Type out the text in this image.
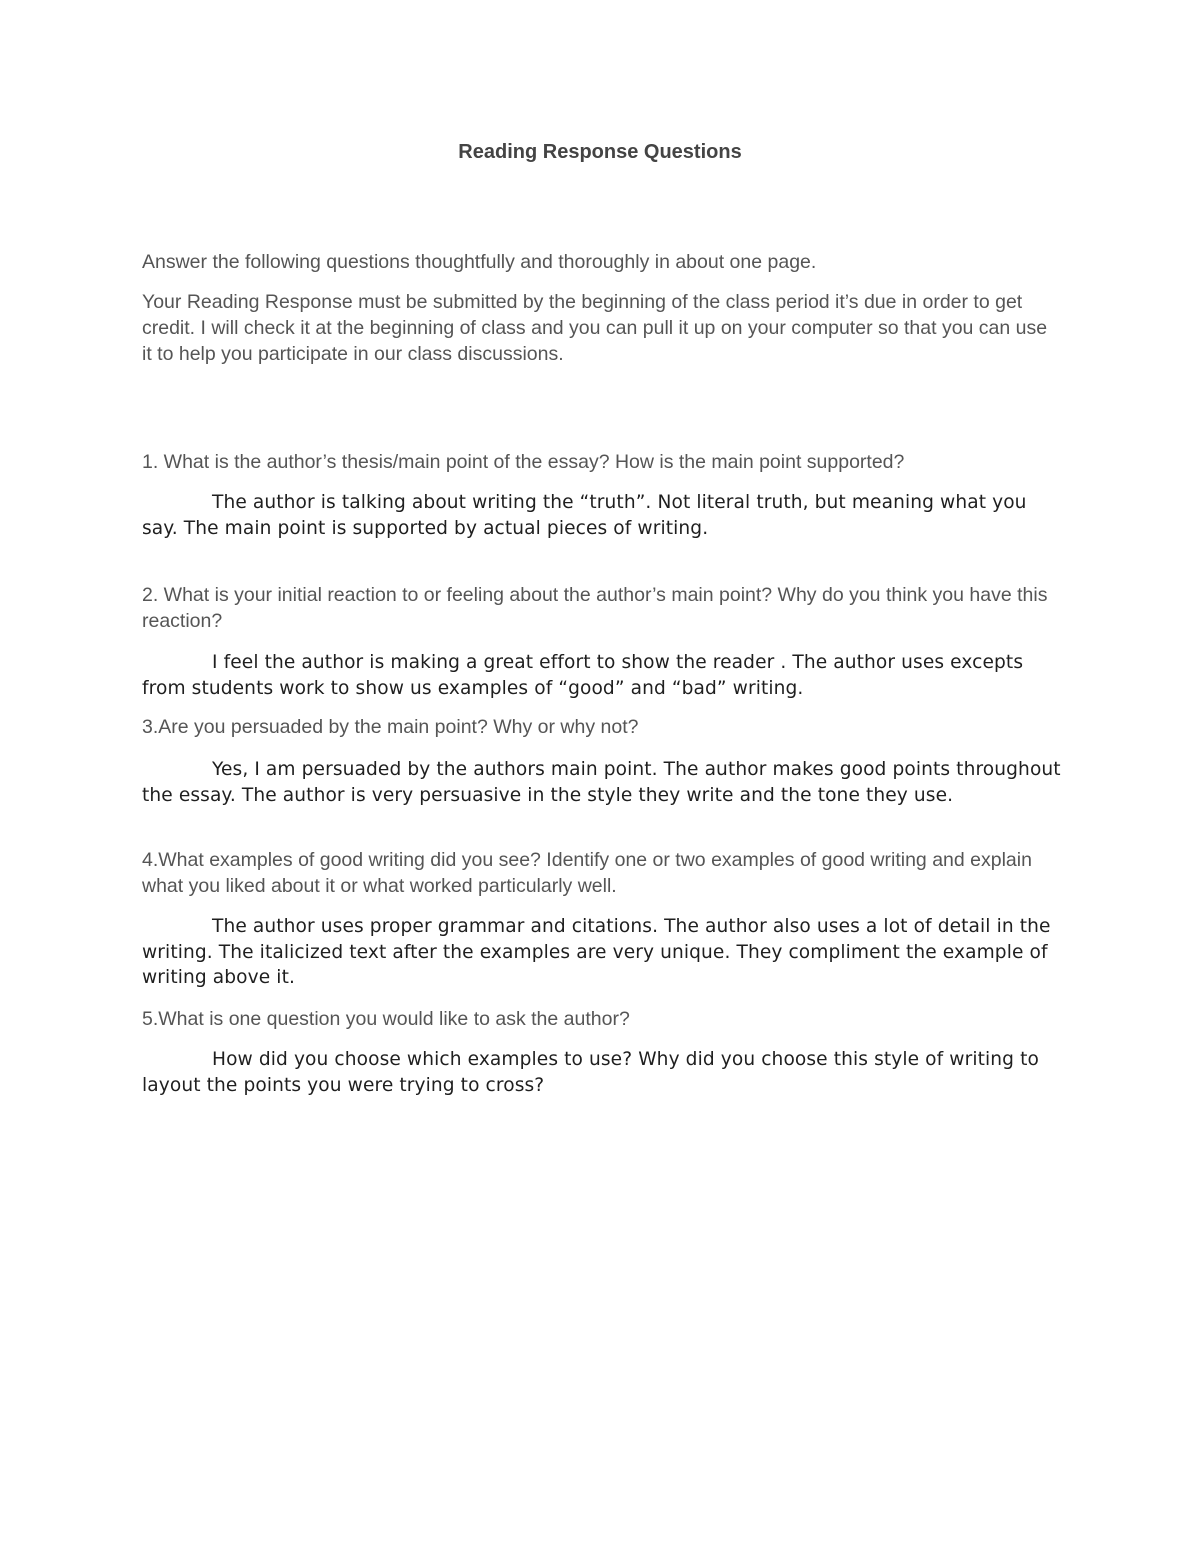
Reading Response Questions

Answer the following questions thoughtfully and thoroughly in about one page.

Your Reading Response must be submitted by the beginning of the class period it’s due in order to get credit. I will check it at the beginning of class and you can pull it up on your computer so that you can use it to help you participate in our class discussions.

1. What is the author’s thesis/main point of the essay? How is the main point supported?

The author is talking about writing the “truth”. Not literal truth, but meaning what you say. The main point is supported by actual pieces of writing.

2. What is your initial reaction to or feeling about the author’s main point? Why do you think you have this reaction?

I feel the author is making a great effort to show the reader . The author uses excepts from students work to show us examples of “good” and “bad” writing.

3.Are you persuaded by the main point? Why or why not?

Yes, I am persuaded by the authors main point. The author makes good points throughout the essay. The author is very persuasive in the style they write and the tone they use.

4.What examples of good writing did you see? Identify one or two examples of good writing and explain what you liked about it or what worked particularly well.

The author uses proper grammar and citations. The author also uses a lot of detail in the writing. The italicized text after the examples are very unique. They compliment the example of writing above it.

5.What is one question you would like to ask the author?

How did you choose which examples to use? Why did you choose this style of writing to layout the points you were trying to cross?
